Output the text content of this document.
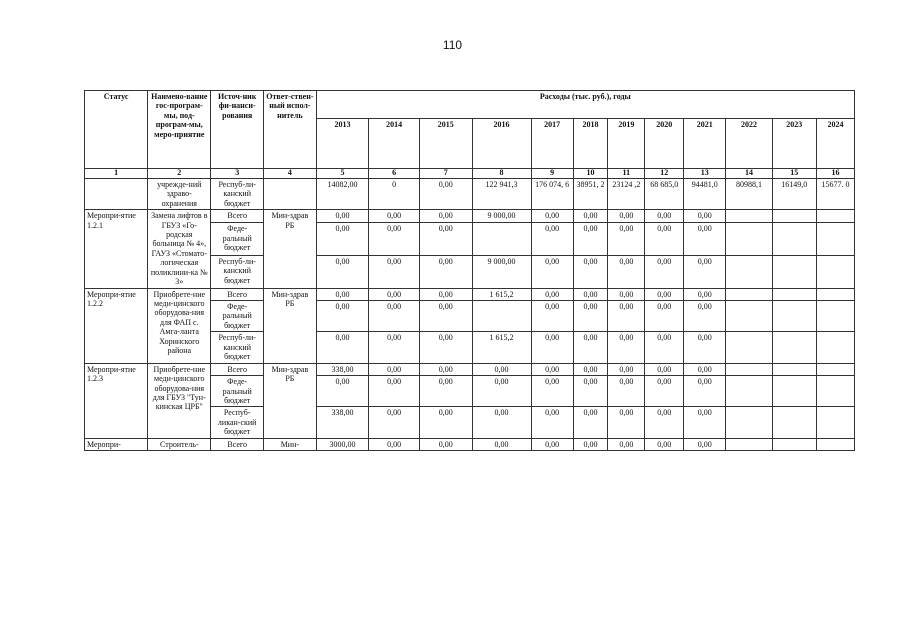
110
Статус	Наимено-вание гос-програм-мы, под-програм-мы, меро-приятие	Источ-ник фи-нанси-рования	Ответ-ствен-ный испол-нитель	Расходы (тыс. руб.), годы											
				2013	2014	2015	2016	2017	2018	2019	2020	2021	2022	2023	2024
1	2	3	4	5	6	7	8	9	10	11	12	13	14	15	16
	учрежде-ний здраво-охранения	Респуб-ли-канский бюджет		14082,00	0	0,00	122 941,3	176 074, 6	38951, 2	23124 ,2	68 685,0	94481,0	80988,1	16149,0	15677. 0
Меропри-ятие 1.2.1	Замена лифтов в ГБУЗ «Го-родская больница № 4», ГАУЗ «Стомато-логическая поликлини-ка № 3»	Всего	Мин-здрав РБ	0,00	0,00	0,00	9 000,00	0,00	0,00	0,00	0,00	0,00			
		Феде-ральный бюджет		0,00	0,00	0,00		0,00	0,00	0,00	0,00	0,00			
		Респуб-ли-канский бюджет		0,00	0,00	0,00	9 000,00	0,00	0,00	0,00	0,00	0,00			
Меропри-ятие 1.2.2	Приобрете-ние меди-цинского оборудова-ния для ФАП с. Амга-ланта Хоринского района	Всего	Мин-здрав РБ	0,00	0,00	0,00	1 615,2	0,00	0,00	0,00	0,00	0,00			
		Феде-ральный бюджет		0,00	0,00	0,00		0,00	0,00	0,00	0,00	0,00			
		Респуб-ли-канский бюджет		0,00	0,00	0,00	1 615,2	0,00	0,00	0,00	0,00	0,00			
Меропри-ятие 1.2.3	Приобрете-ние меди-цинского оборудова-ния для ГБУЗ "Тун-кинская ЦРБ"	Всего	Мин-здрав РБ	338,00	0,00	0,00	0,00	0,00	0,00	0,00	0,00	0,00			
		Феде-ральный бюджет		0,00	0,00	0,00	0,00	0,00	0,00	0,00	0,00	0,00			
		Респуб-ликан-ский бюджет		338,00	0,00	0,00	0,00	0,00	0,00	0,00	0,00	0,00			
Меропри-	Строитель-	Всего	Мин-	3000,00	0,00	0,00	0,00	0,00	0,00	0,00	0,00	0,00			
